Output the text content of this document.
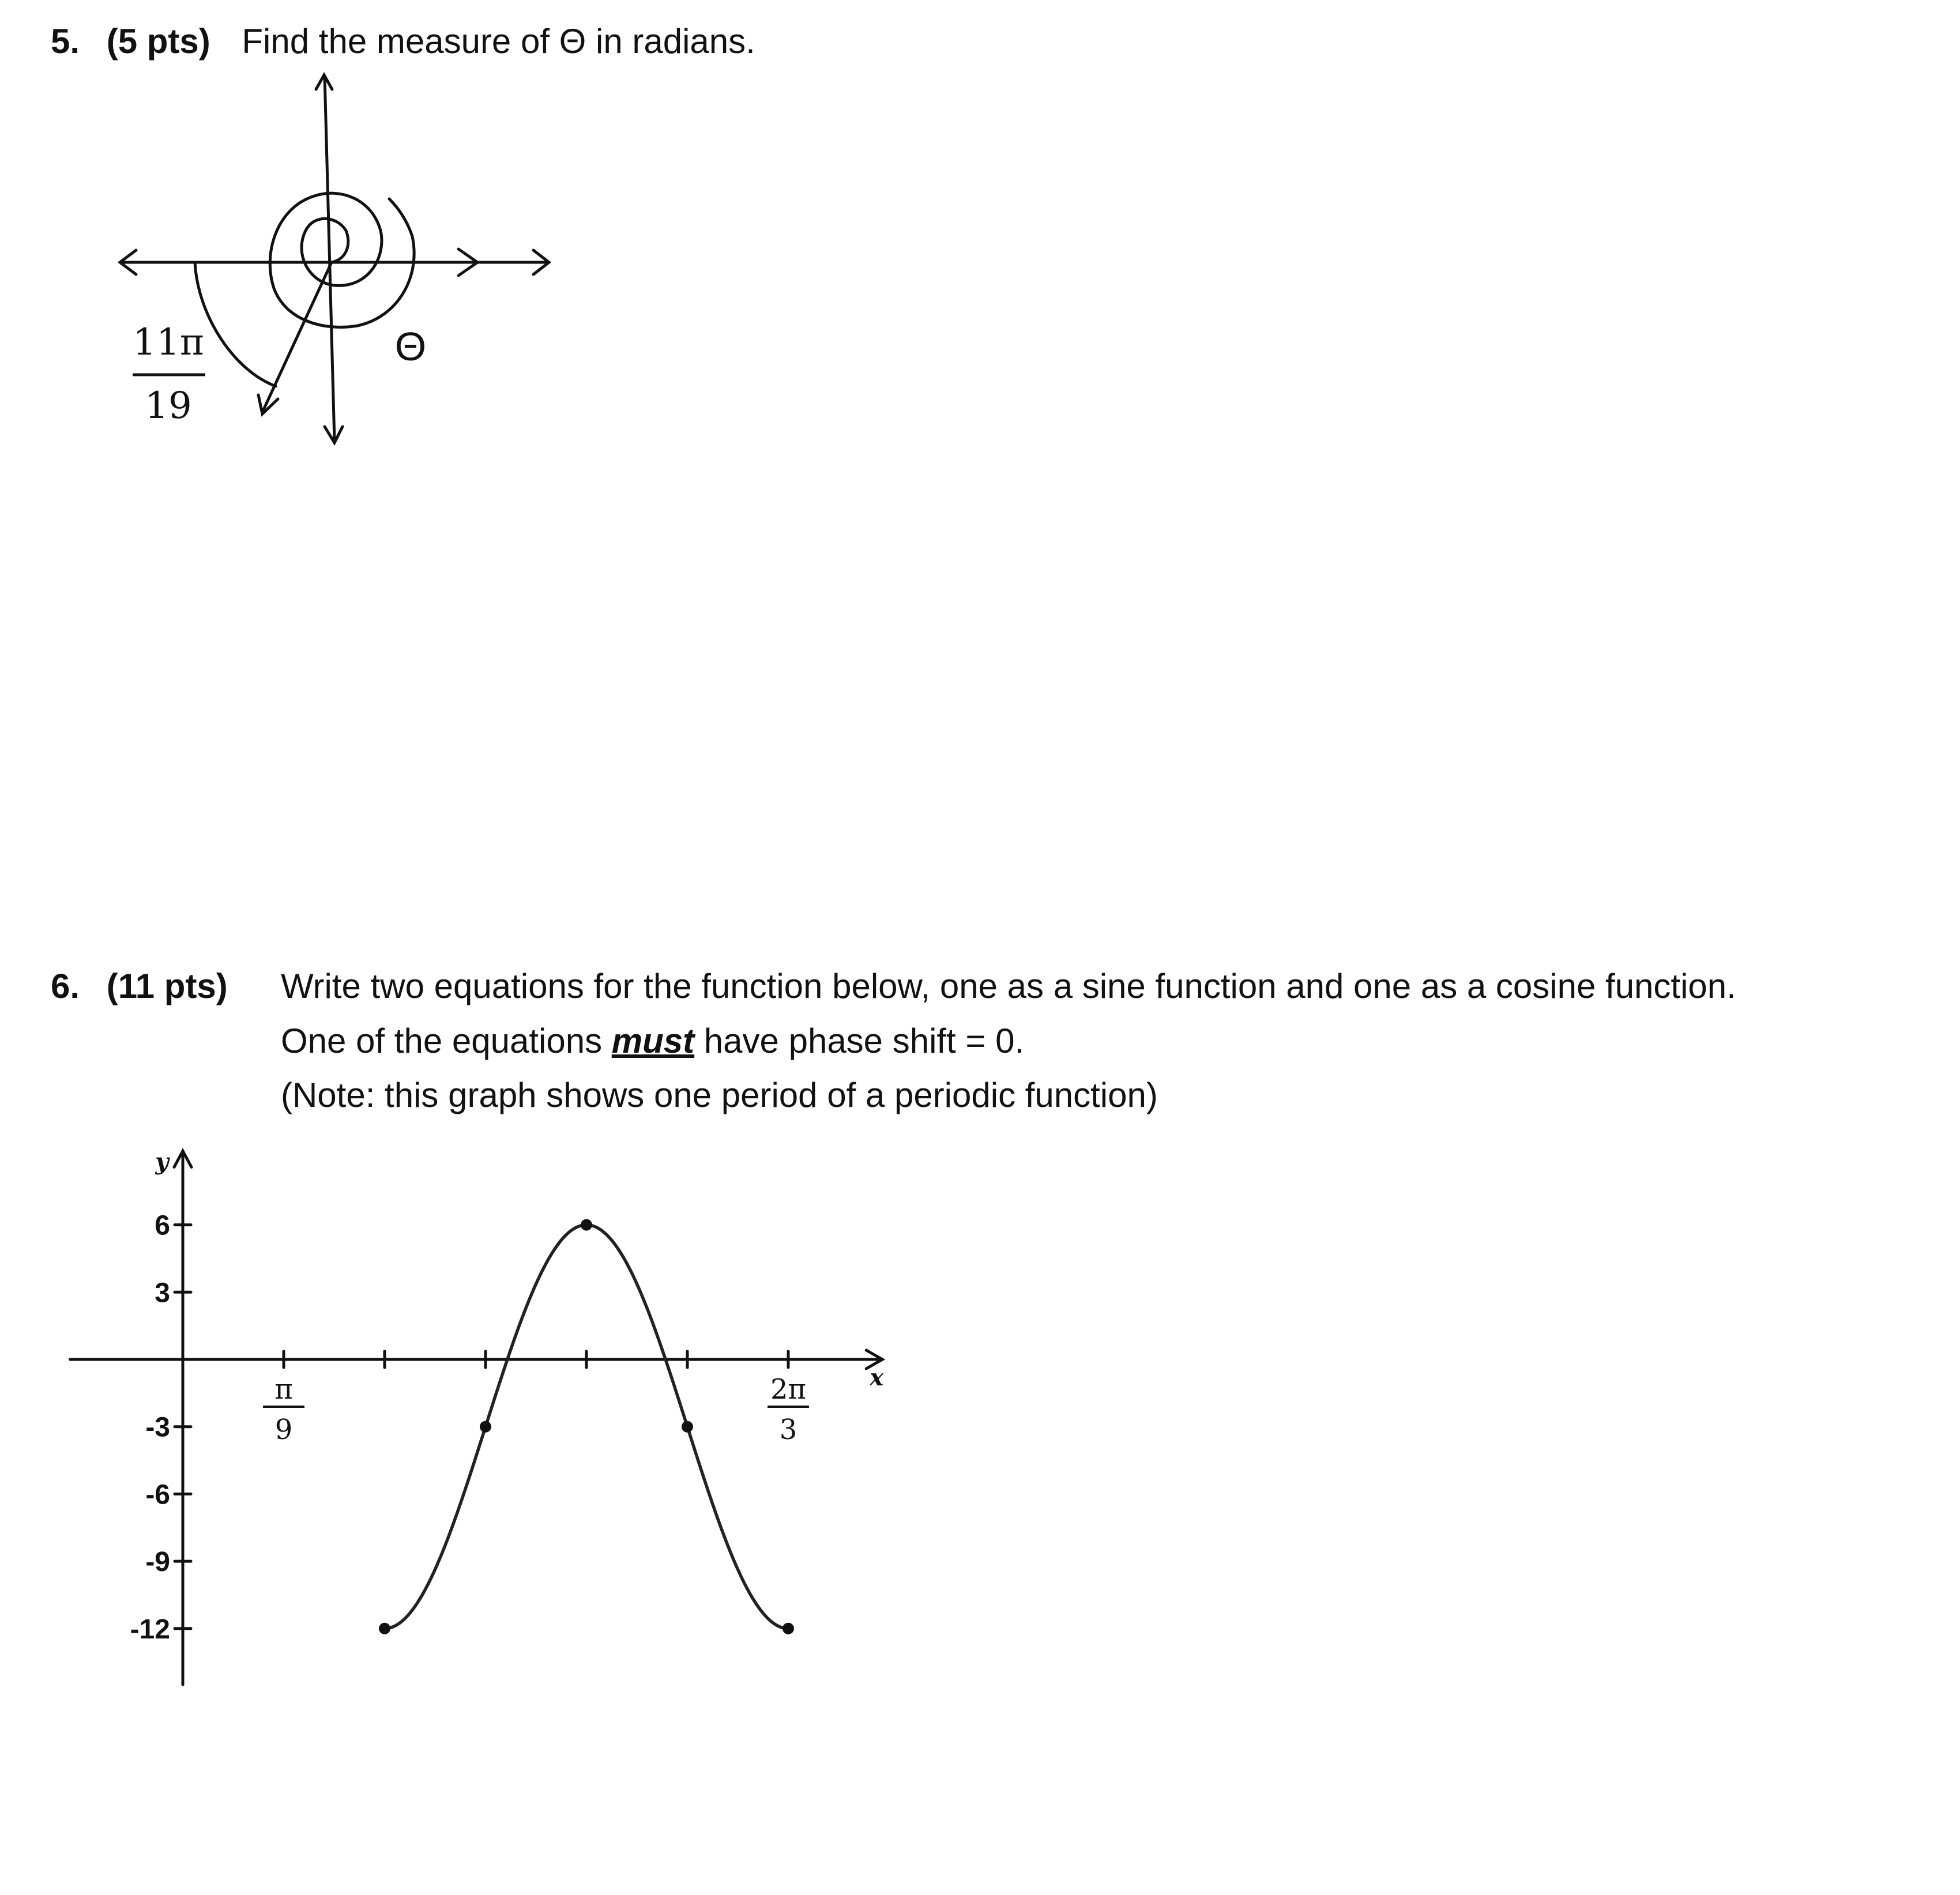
5. (5 pts) Find the measure of Θ in radians.
11π
19
Θ
6. (11 pts) Write two equations for the function below, one as a sine function and one as a cosine function.
One of the equations must have phase shift = 0.
(Note: this graph shows one period of a periodic function)
x
y
π
9
2π
3
6
3
-3
-6
-9
-12
